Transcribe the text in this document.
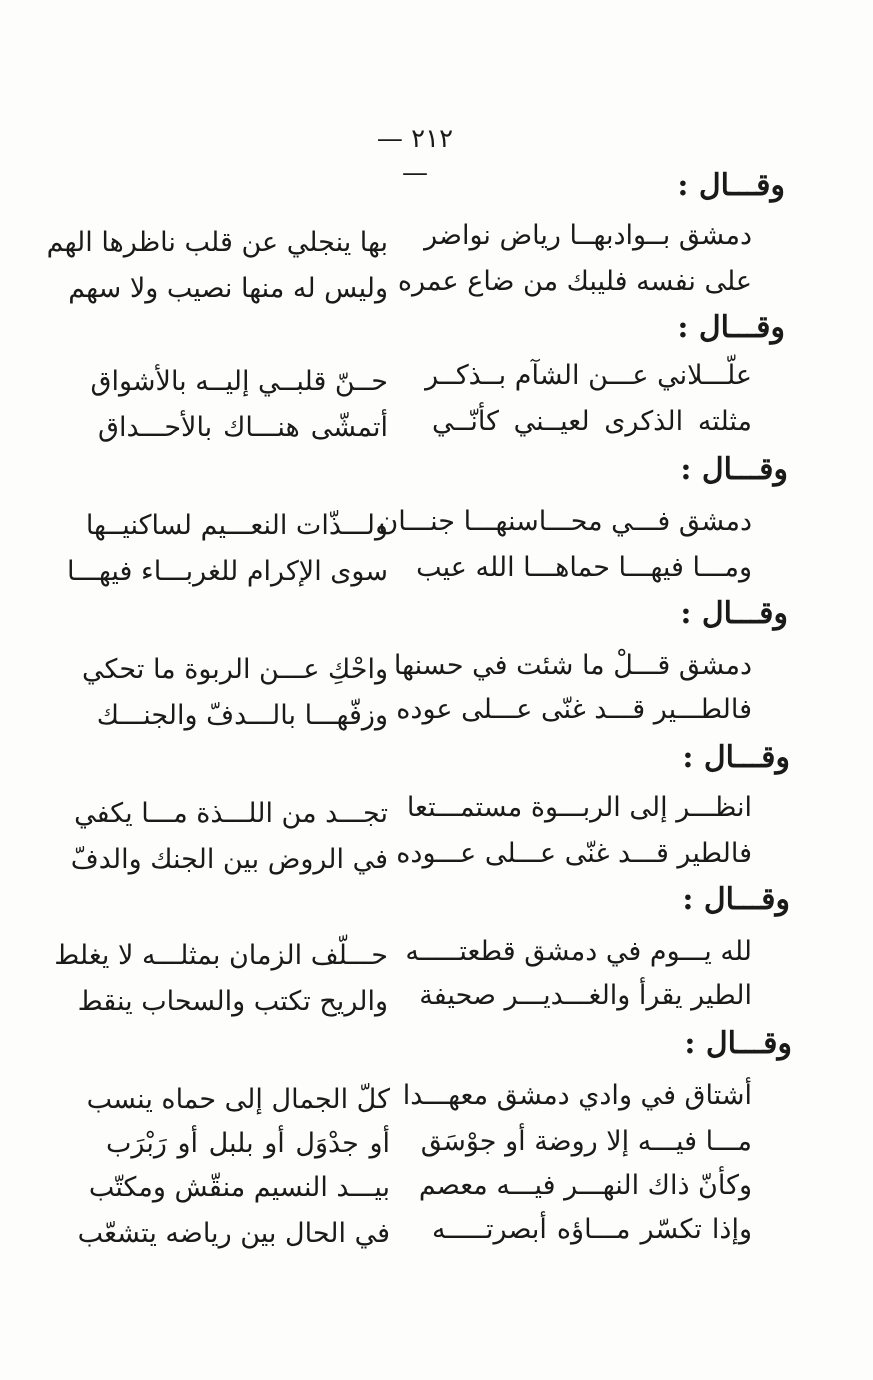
— ٢١٢ —	وقـــال :
دمشق بــوادبهــا رياض نواضر
بها ينجلي عن قلب ناظرها الهم
على نفسه فليبك من ضاع عمره
وليس له منها نصيب ولا سهم
وقـــال :
علّـــلاني عـــن الشآم بــذكــر
حــنّ قلبــي إليــه بالأشواق
مثلته الذكرى لعيــني كأنّــي
أتمشّى هنـــاك بالأحـــداق
وقـــال :
دمشق فـــي محـــاسنهـــا جنـــان
ولـــذّات النعـــيم لساكنيــها
ومـــا فيهـــا حماهـــا الله عيب
سوى الإكرام للغربـــاء فيهـــا
وقـــال :
دمشق قـــلْ ما شئت في حسنها
واحْكِ عـــن الربوة ما تحكي
فالطـــير قـــد غنّى عـــلى عوده
وزفّهـــا بالـــدفّ والجنـــك
وقـــال :
انظـــر إلى الربـــوة مستمـــتعا
تجـــد من اللـــذة مـــا يكفي
فالطير قـــد غنّى عـــلى عـــوده
في الروض بين الجنك والدفّ
وقـــال :
لله يـــوم في دمشق قطعتـــــه
حـــلّف الزمان بمثلـــه لا يغلط
الطير يقرأ والغـــديـــر صحيفة
والريح تكتب والسحاب ينقط
وقـــال :
أشتاق في وادي دمشق معهـــدا
كلّ الجمال إلى حماه ينسب
مـــا فيـــه إلا روضة أو جوْسَق
أو جدْوَل أو بلبل أو رَبْرَب
وكأنّ ذاك النهـــر فيـــه معصم
بيـــد النسيم منقّش ومكتّب
وإذا تكسّر مـــاؤه أبصرتـــــه
في الحال بين رياضه يتشعّب
